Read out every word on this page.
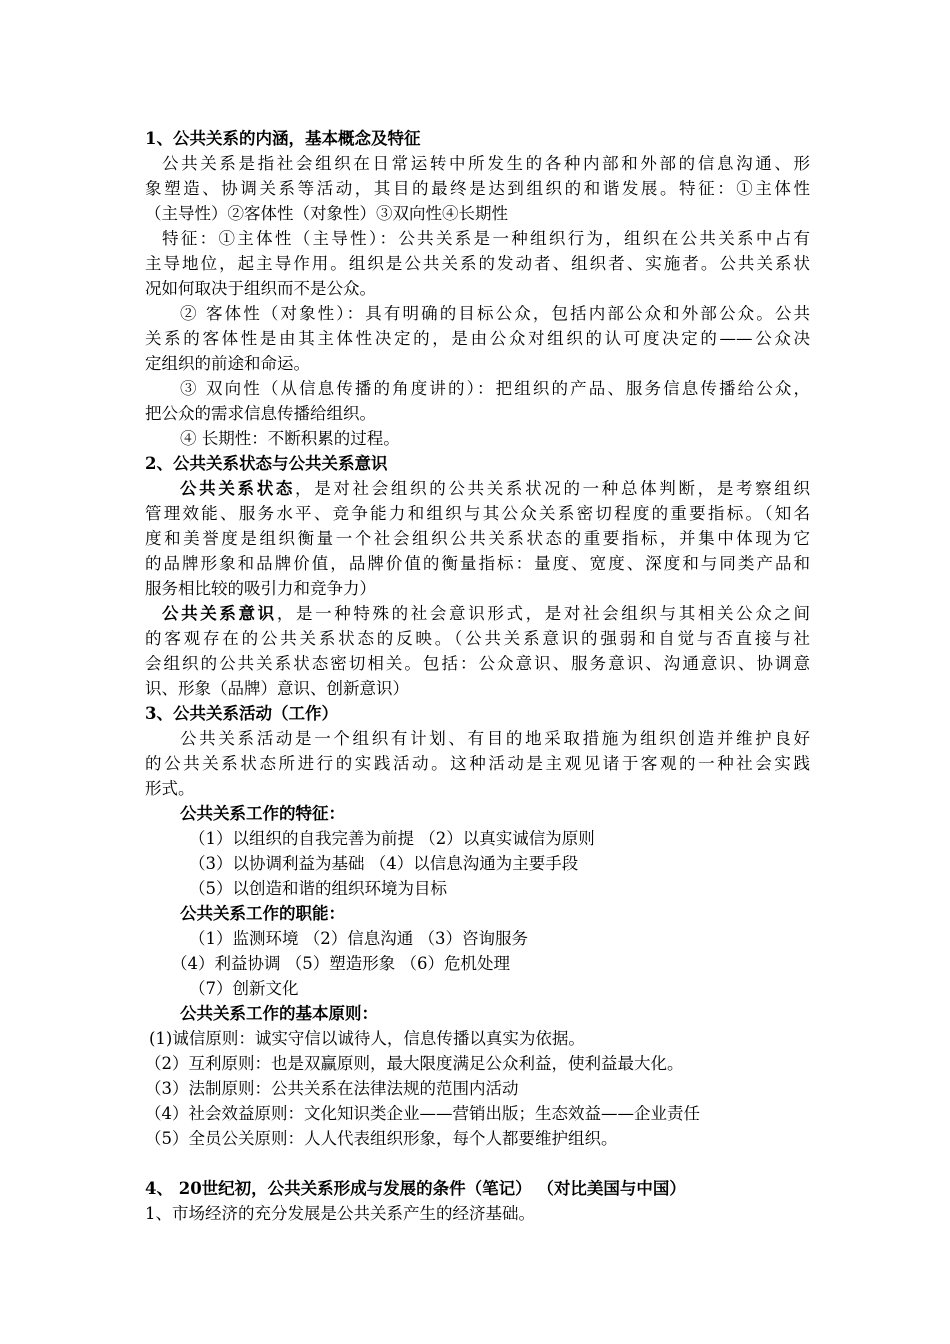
1、公共关系的内涵，基本概念及特征
公共关系是指社会组织在日常运转中所发生的各种内部和外部的信息沟通、形
象塑造、协调关系等活动，其目的最终是达到组织的和谐发展。特征：①主体性
（主导性）②客体性（对象性）③双向性④长期性
特征：①主体性（主导性）：公共关系是一种组织行为，组织在公共关系中占有
主导地位，起主导作用。组织是公共关系的发动者、组织者、实施者。公共关系状
况如何取决于组织而不是公众。
② 客体性（对象性）：具有明确的目标公众，包括内部公众和外部公众。公共
关系的客体性是由其主体性决定的，是由公众对组织的认可度决定的——公众决
定组织的前途和命运。
③ 双向性（从信息传播的角度讲的）：把组织的产品、服务信息传播给公众，
把公众的需求信息传播给组织。
④ 长期性：不断积累的过程。
2、公共关系状态与公共关系意识
公共关系状态，是对社会组织的公共关系状况的一种总体判断，是考察组织
管理效能、服务水平、竞争能力和组织与其公众关系密切程度的重要指标。（知名
度和美誉度是组织衡量一个社会组织公共关系状态的重要指标，并集中体现为它
的品牌形象和品牌价值，品牌价值的衡量指标：量度、宽度、深度和与同类产品和
服务相比较的吸引力和竞争力）
公共关系意识，是一种特殊的社会意识形式，是对社会组织与其相关公众之间
的客观存在的公共关系状态的反映。（公共关系意识的强弱和自觉与否直接与社
会组织的公共关系状态密切相关。包括：公众意识、服务意识、沟通意识、协调意
识、形象（品牌）意识、创新意识）
3、公共关系活动（工作）
公共关系活动是一个组织有计划、有目的地采取措施为组织创造并维护良好
的公共关系状态所进行的实践活动。这种活动是主观见诸于客观的一种社会实践
形式。
公共关系工作的特征：
（1）以组织的自我完善为前提 （2）以真实诚信为原则
（3）以协调利益为基础 （4）以信息沟通为主要手段
（5）以创造和谐的组织环境为目标
公共关系工作的职能：
（1）监测环境 （2）信息沟通 （3）咨询服务
（4）利益协调 （5）塑造形象 （6）危机处理
（7）创新文化
公共关系工作的基本原则：
(1)诚信原则：诚实守信以诚待人，信息传播以真实为依据。
（2）互利原则：也是双赢原则，最大限度满足公众利益，使利益最大化。
（3）法制原则：公共关系在法律法规的范围内活动
（4）社会效益原则：文化知识类企业——营销出版；生态效益——企业责任
（5）全员公关原则：人人代表组织形象，每个人都要维护组织。
4、 20世纪初，公共关系形成与发展的条件（笔记） （对比美国与中国）
1、市场经济的充分发展是公共关系产生的经济基础。
